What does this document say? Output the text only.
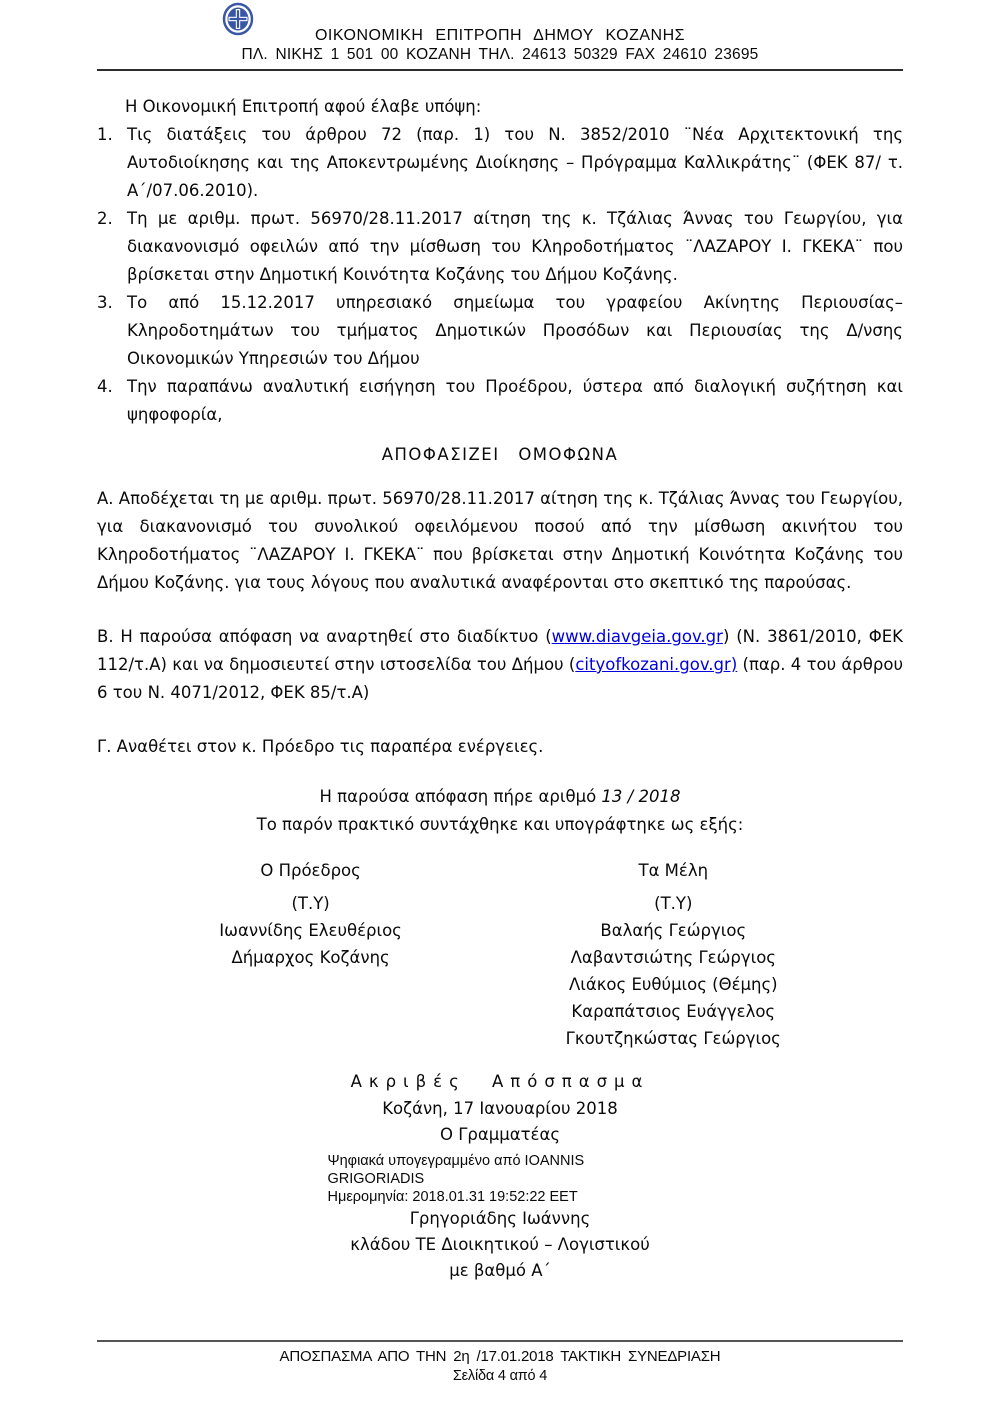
ΟΙΚΟΝΟΜΙΚΗ ΕΠΙΤΡΟΠΗ ΔΗΜΟΥ ΚΟΖΑΝΗΣ
ΠΛ. ΝΙΚΗΣ 1 501 00 ΚΟΖΑΝΗ ΤΗΛ. 24613 50329 FAX 24610 23695

Η Οικονομική Επιτροπή αφού έλαβε υπόψη:

1. Τις διατάξεις του άρθρου 72 (παρ. 1) του Ν. 3852/2010 ¨Νέα Αρχιτεκτονική της Αυτοδιοίκησης και της Αποκεντρωμένης Διοίκησης – Πρόγραμμα Καλλικράτης¨ (ΦΕΚ 87/ τ. Α΄/07.06.2010).
2. Τη με αριθμ. πρωτ. 56970/28.11.2017 αίτηση της κ. Τζάλιας Άννας του Γεωργίου, για διακανονισμό οφειλών από την μίσθωση του Κληροδοτήματος ¨ΛΑΖΑΡΟΥ Ι. ΓΚΕΚΑ¨ που βρίσκεται στην Δημοτική Κοινότητα Κοζάνης του Δήμου Κοζάνης.
3. Το από 15.12.2017 υπηρεσιακό σημείωμα του γραφείου Ακίνητης Περιουσίας– Κληροδοτημάτων του τμήματος Δημοτικών Προσόδων και Περιουσίας της Δ/νσης Οικονομικών Υπηρεσιών του Δήμου
4. Την παραπάνω αναλυτική εισήγηση του Προέδρου, ύστερα από διαλογική συζήτηση και ψηφοφορία,
ΑΠΟΦΑΣΙΖΕΙ ΟΜΟΦΩΝΑ

Α. Αποδέχεται τη με αριθμ. πρωτ. 56970/28.11.2017 αίτηση της κ. Τζάλιας Άννας του Γεωργίου, για διακανονισμό του συνολικού οφειλόμενου ποσού από την μίσθωση ακινήτου του Κληροδοτήματος ¨ΛΑΖΑΡΟΥ Ι. ΓΚΕΚΑ¨ που βρίσκεται στην Δημοτική Κοινότητα Κοζάνης του Δήμου Κοζάνης. για τους λόγους που αναλυτικά αναφέρονται στο σκεπτικό της παρούσας.

Β. Η παρούσα απόφαση να αναρτηθεί στο διαδίκτυο (www.diavgeia.gov.gr) (Ν. 3861/2010, ΦΕΚ 112/τ.Α) και να δημοσιευτεί στην ιστοσελίδα του Δήμου (cityofkozani.gov.gr) (παρ. 4 του άρθρου 6 του Ν. 4071/2012, ΦΕΚ 85/τ.Α)

Γ. Αναθέτει στον κ. Πρόεδρο τις παραπέρα ενέργειες.

Η παρούσα απόφαση πήρε αριθμό 13 / 2018
Το παρόν πρακτικό συντάχθηκε και υπογράφτηκε ως εξής:
Ο Πρόεδρος
(Τ.Υ)
Ιωαννίδης Ελευθέριος
Δήμαρχος Κοζάνης
Τα Μέλη
(Τ.Υ)
Βαλαής Γεώργιος
Λαβαντσιώτης Γεώργιος
Λιάκος Ευθύμιος (Θέμης)
Καραπάτσιος Ευάγγελος
Γκουτζηκώστας Γεώργιος
Ακριβές Απόσπασμα
Κοζάνη, 17 Ιανουαρίου 2018
Ο Γραμματέας
Ψηφιακά υπογεγραμμένο από IOANNIS
GRIGORIADIS
Ημερομηνία: 2018.01.31 19:52:22 EET
Γρηγοριάδης Ιωάννης
κλάδου ΤΕ Διοικητικού – Λογιστικού
με βαθμό Α΄
ΑΠΟΣΠΑΣΜΑ ΑΠΟ ΤΗΝ 2η /17.01.2018 ΤΑΚΤΙΚΗ ΣΥΝΕΔΡΙΑΣΗ
Σελίδα 4 από 4
